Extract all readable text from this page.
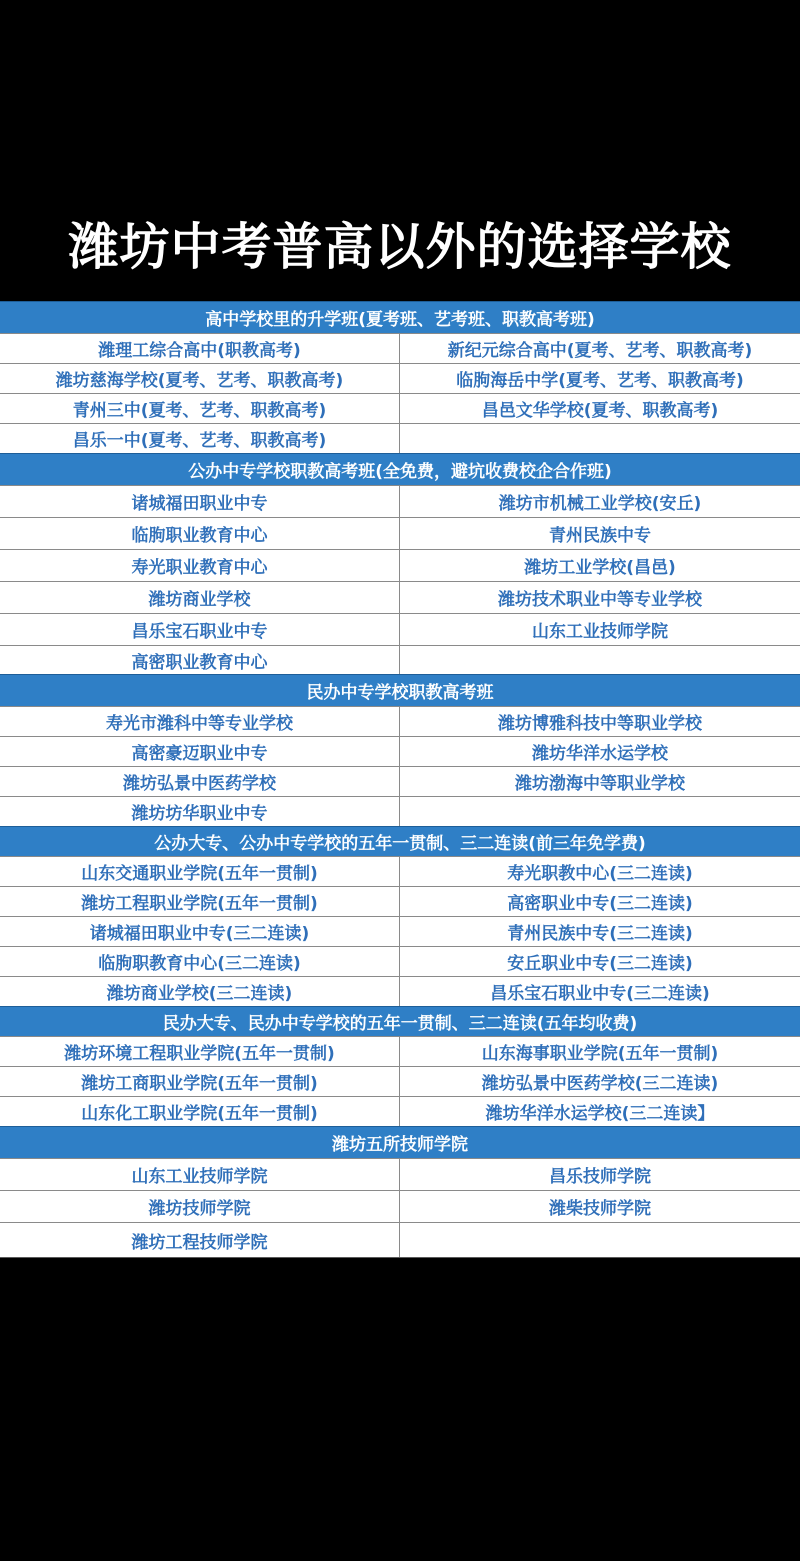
潍坊中考普高以外的选择学校
高中学校里的升学班(夏考班、艺考班、职教高考班)
潍理工综合高中(职教高考)	新纪元综合高中(夏考、艺考、职教高考)
潍坊慈海学校(夏考、艺考、职教高考)	临朐海岳中学(夏考、艺考、职教高考)
青州三中(夏考、艺考、职教高考)	昌邑文华学校(夏考、职教高考)
昌乐一中(夏考、艺考、职教高考)
公办中专学校职教高考班(全免费，避坑收费校企合作班)
诸城福田职业中专	潍坊市机械工业学校(安丘)
临朐职业教育中心	青州民族中专
寿光职业教育中心	潍坊工业学校(昌邑)
潍坊商业学校	潍坊技术职业中等专业学校
昌乐宝石职业中专	山东工业技师学院
高密职业教育中心
民办中专学校职教高考班
寿光市潍科中等专业学校	潍坊博雅科技中等职业学校
高密豪迈职业中专	潍坊华洋水运学校
潍坊弘景中医药学校	潍坊渤海中等职业学校
潍坊坊华职业中专
公办大专、公办中专学校的五年一贯制、三二连读(前三年免学费)
山东交通职业学院(五年一贯制)	寿光职教中心(三二连读)
潍坊工程职业学院(五年一贯制)	高密职业中专(三二连读)
诸城福田职业中专(三二连读)	青州民族中专(三二连读)
临朐职教育中心(三二连读)	安丘职业中专(三二连读)
潍坊商业学校(三二连读)	昌乐宝石职业中专(三二连读)
民办大专、民办中专学校的五年一贯制、三二连读(五年均收费)
潍坊环境工程职业学院(五年一贯制)	山东海事职业学院(五年一贯制)
潍坊工商职业学院(五年一贯制)	潍坊弘景中医药学校(三二连读)
山东化工职业学院(五年一贯制)	潍坊华洋水运学校(三二连读】
潍坊五所技师学院
山东工业技师学院	昌乐技师学院
潍坊技师学院	潍柴技师学院
潍坊工程技师学院
